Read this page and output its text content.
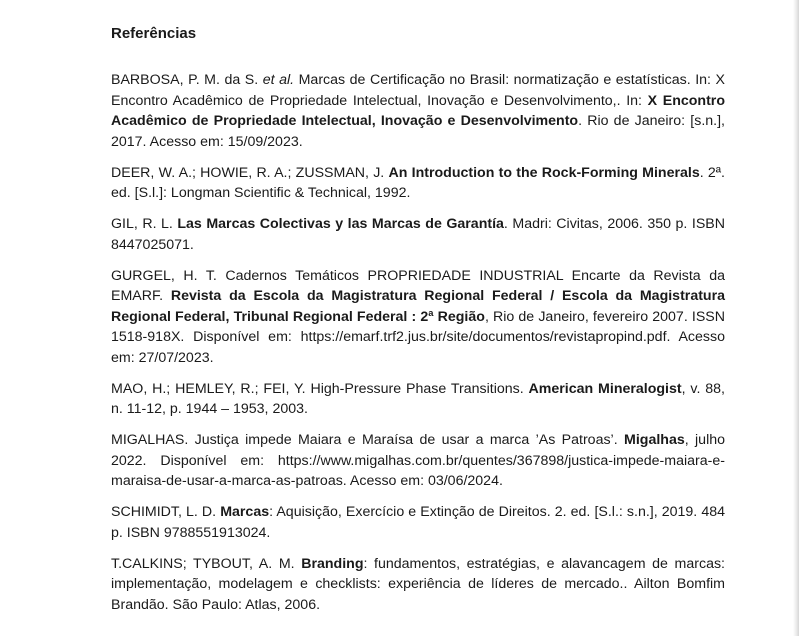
Referências
BARBOSA, P. M. da S. et al. Marcas de Certificação no Brasil: normatização e estatísticas. In: X Encontro Acadêmico de Propriedade Intelectual, Inovação e Desenvolvimento,. In: X Encontro Acadêmico de Propriedade Intelectual, Inovação e Desenvolvimento. Rio de Janeiro: [s.n.], 2017. Acesso em: 15/09/2023.
DEER, W. A.; HOWIE, R. A.; ZUSSMAN, J. An Introduction to the Rock-Forming Minerals. 2ª. ed. [S.l.]: Longman Scientific & Technical, 1992.
GIL, R. L. Las Marcas Colectivas y las Marcas de Garantía. Madri: Civitas, 2006. 350 p. ISBN 8447025071.
GURGEL, H. T. Cadernos Temáticos PROPRIEDADE INDUSTRIAL Encarte da Revista da EMARF. Revista da Escola da Magistratura Regional Federal / Escola da Magistratura Regional Federal, Tribunal Regional Federal : 2ª Região, Rio de Janeiro, fevereiro 2007. ISSN 1518-918X. Disponível em: https://emarf.trf2.jus.br/site/documentos/revistapropind.pdf. Acesso em: 27/07/2023.
MAO, H.; HEMLEY, R.; FEI, Y. High-Pressure Phase Transitions. American Mineralogist, v. 88, n. 11-12, p. 1944 – 1953, 2003.
MIGALHAS. Justiça impede Maiara e Maraísa de usar a marca ’As Patroas’. Migalhas, julho 2022. Disponível em: https://www.migalhas.com.br/quentes/367898/justica-impede-maiara-e-maraisa-de-usar-a-marca-as-patroas. Acesso em: 03/06/2024.
SCHIMIDT, L. D. Marcas: Aquisição, Exercício e Extinção de Direitos. 2. ed. [S.l.: s.n.], 2019. 484 p. ISBN 9788551913024.
T.CALKINS; TYBOUT, A. M. Branding: fundamentos, estratégias, e alavancagem de marcas: implementação, modelagem e checklists: experiência de líderes de mercado.. Ailton Bomfim Brandão. São Paulo: Atlas, 2006.
